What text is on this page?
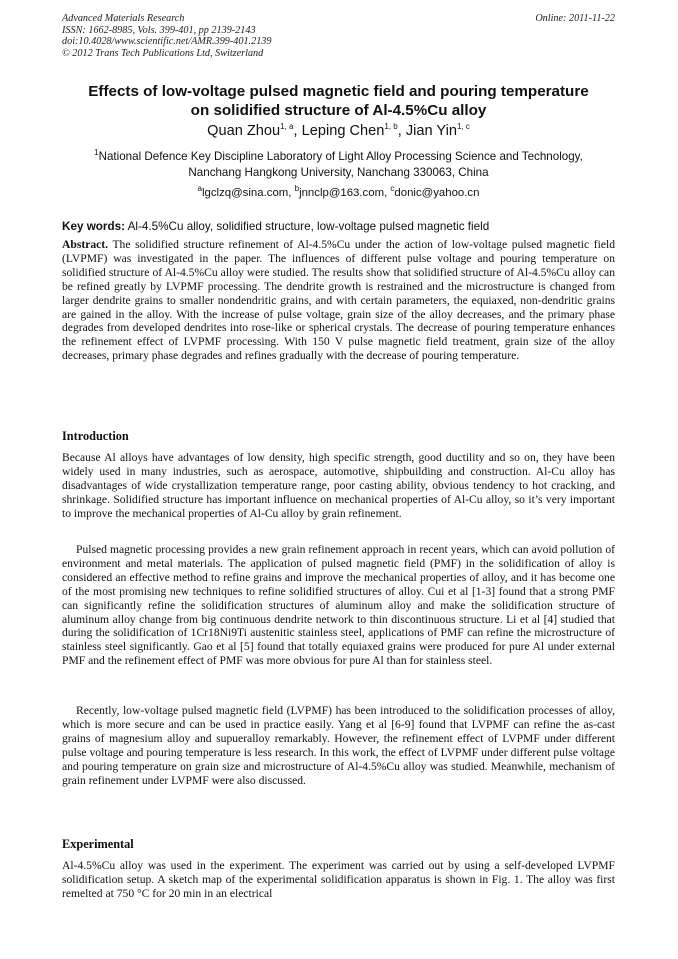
Advanced Materials Research	Online: 2011-11-22
ISSN: 1662-8985, Vols. 399-401, pp 2139-2143
doi:10.4028/www.scientific.net/AMR.399-401.2139
© 2012 Trans Tech Publications Ltd, Switzerland
Effects of low-voltage pulsed magnetic field and pouring temperature
on solidified structure of Al-4.5%Cu alloy
Quan Zhou$^{1, a}$, Leping Chen$^{1, b}$, Jian Yin$^{1, c}$
$^1$National Defence Key Discipline Laboratory of Light Alloy Processing Science and Technology,
Nanchang Hangkong University, Nanchang 330063, China
$^a$lgclzq@sina.com, $^b$jnnclp@163.com, $^c$donic@yahoo.cn
Key words: Al-4.5%Cu alloy, solidified structure, low-voltage pulsed magnetic field
Abstract. The solidified structure refinement of Al-4.5%Cu under the action of low-voltage pulsed magnetic field (LVPMF) was investigated in the paper. The influences of different pulse voltage and pouring temperature on solidified structure of Al-4.5%Cu alloy were studied. The results show that solidified structure of Al-4.5%Cu alloy can be refined greatly by LVPMF processing. The dendrite growth is restrained and the microstructure is changed from larger dendrite grains to smaller nondendritic grains, and with certain parameters, the equiaxed, non-dendritic grains are gained in the alloy. With the increase of pulse voltage, grain size of the alloy decreases, and the primary phase degrades from developed dendrites into rose-like or spherical crystals. The decrease of pouring temperature enhances the refinement effect of LVPMF processing. With 150 V pulse magnetic field treatment, grain size of the alloy decreases, primary phase degrades and refines gradually with the decrease of pouring temperature.
Introduction
Because Al alloys have advantages of low density, high specific strength, good ductility and so on, they have been widely used in many industries, such as aerospace, automotive, shipbuilding and construction. Al-Cu alloy has disadvantages of wide crystallization temperature range, poor casting ability, obvious tendency to hot cracking, and shrinkage. Solidified structure has important influence on mechanical properties of Al-Cu alloy, so it’s very important to improve the mechanical properties of Al-Cu alloy by grain refinement.
Pulsed magnetic processing provides a new grain refinement approach in recent years, which can avoid pollution of environment and metal materials. The application of pulsed magnetic field (PMF) in the solidification of alloy is considered an effective method to refine grains and improve the mechanical properties of alloy, and it has become one of the most promising new techniques to refine solidified structures of alloy. Cui et al [1-3] found that a strong PMF can significantly refine the solidification structures of aluminum alloy and make the solidification structure of aluminum alloy change from big continuous dendrite network to thin discontinuous structure. Li et al [4] studied that during the solidification of 1Cr18Ni9Ti austenitic stainless steel, applications of PMF can refine the microstructure of stainless steel significantly. Gao et al [5] found that totally equiaxed grains were produced for pure Al under external PMF and the refinement effect of PMF was more obvious for pure Al than for stainless steel.
Recently, low-voltage pulsed magnetic field (LVPMF) has been introduced to the solidification processes of alloy, which is more secure and can be used in practice easily. Yang et al [6-9] found that LVPMF can refine the as-cast grains of magnesium alloy and supueralloy remarkably. However, the refinement effect of LVPMF under different pulse voltage and pouring temperature is less research. In this work, the effect of LVPMF under different pulse voltage and pouring temperature on grain size and microstructure of Al-4.5%Cu alloy was studied. Meanwhile, mechanism of grain refinement under LVPMF were also discussed.
Experimental
Al-4.5%Cu alloy was used in the experiment. The experiment was carried out by using a self-developed LVPMF solidification setup. A sketch map of the experimental solidification apparatus is shown in Fig. 1. The alloy was first remelted at 750 °C for 20 min in an electrical
